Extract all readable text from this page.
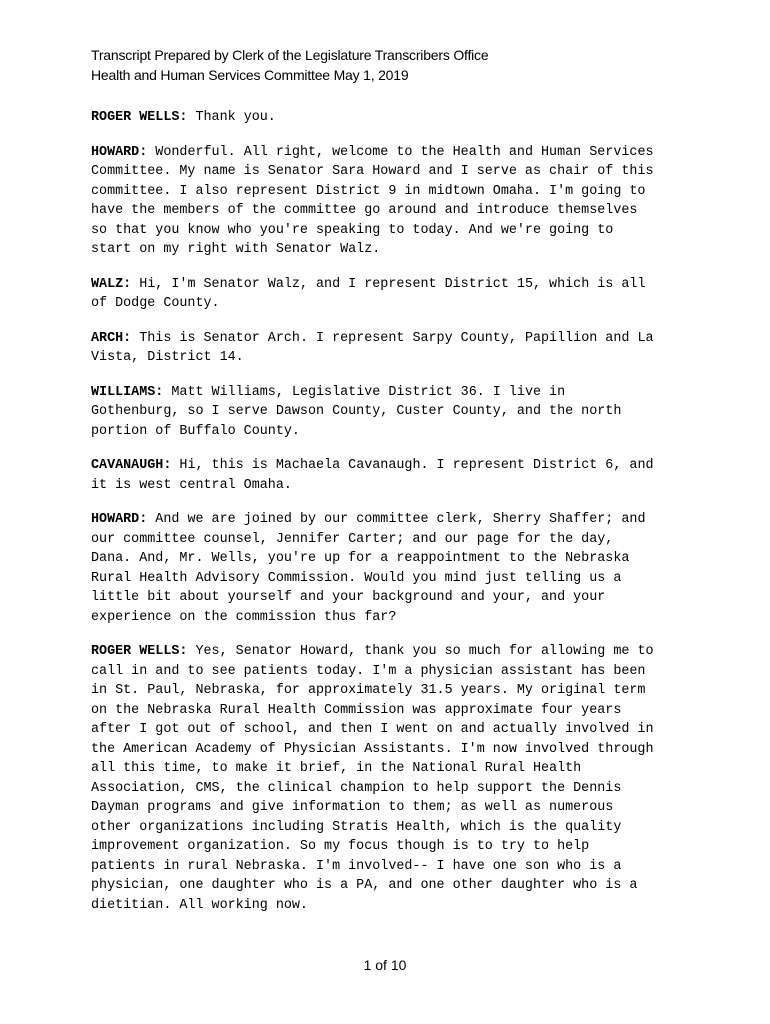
Transcript Prepared by Clerk of the Legislature Transcribers Office
Health and Human Services Committee May 1, 2019
ROGER WELLS: Thank you.
HOWARD: Wonderful. All right, welcome to the Health and Human Services
Committee. My name is Senator Sara Howard and I serve as chair of this
committee. I also represent District 9 in midtown Omaha. I'm going to
have the members of the committee go around and introduce themselves
so that you know who you're speaking to today. And we're going to
start on my right with Senator Walz.
WALZ: Hi, I'm Senator Walz, and I represent District 15, which is all
of Dodge County.
ARCH: This is Senator Arch. I represent Sarpy County, Papillion and La
Vista, District 14.
WILLIAMS: Matt Williams, Legislative District 36. I live in
Gothenburg, so I serve Dawson County, Custer County, and the north
portion of Buffalo County.
CAVANAUGH: Hi, this is Machaela Cavanaugh. I represent District 6, and
it is west central Omaha.
HOWARD: And we are joined by our committee clerk, Sherry Shaffer; and
our committee counsel, Jennifer Carter; and our page for the day,
Dana. And, Mr. Wells, you're up for a reappointment to the Nebraska
Rural Health Advisory Commission. Would you mind just telling us a
little bit about yourself and your background and your, and your
experience on the commission thus far?
ROGER WELLS: Yes, Senator Howard, thank you so much for allowing me to
call in and to see patients today. I'm a physician assistant has been
in St. Paul, Nebraska, for approximately 31.5 years. My original term
on the Nebraska Rural Health Commission was approximate four years
after I got out of school, and then I went on and actually involved in
the American Academy of Physician Assistants. I'm now involved through
all this time, to make it brief, in the National Rural Health
Association, CMS, the clinical champion to help support the Dennis
Dayman programs and give information to them; as well as numerous
other organizations including Stratis Health, which is the quality
improvement organization. So my focus though is to try to help
patients in rural Nebraska. I'm involved-- I have one son who is a
physician, one daughter who is a PA, and one other daughter who is a
dietitian. All working now.
1 of 10
